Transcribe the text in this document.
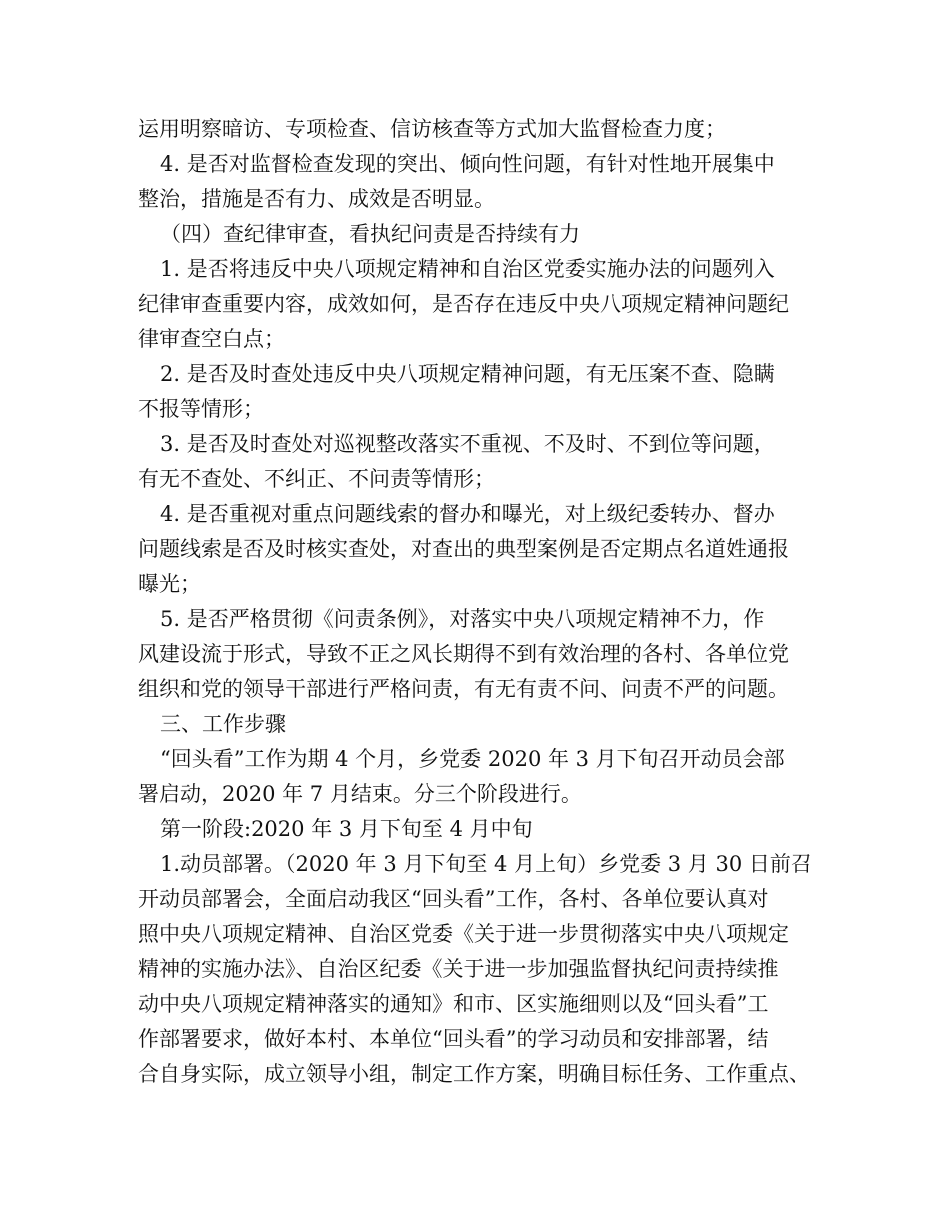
运用明察暗访、专项检查、信访核查等方式加大监督检查力度；

4. 是否对监督检查发现的突出、倾向性问题，有针对性地开展集中

整治，措施是否有力、成效是否明显。

（四）查纪律审查，看执纪问责是否持续有力

1. 是否将违反中央八项规定精神和自治区党委实施办法的问题列入

纪律审查重要内容，成效如何，是否存在违反中央八项规定精神问题纪

律审查空白点；

2. 是否及时查处违反中央八项规定精神问题，有无压案不查、隐瞒

不报等情形；

3. 是否及时查处对巡视整改落实不重视、不及时、不到位等问题，

有无不查处、不纠正、不问责等情形；

4. 是否重视对重点问题线索的督办和曝光，对上级纪委转办、督办

问题线索是否及时核实查处，对查出的典型案例是否定期点名道姓通报

曝光；

5. 是否严格贯彻《问责条例》，对落实中央八项规定精神不力，作

风建设流于形式，导致不正之风长期得不到有效治理的各村、各单位党

组织和党的领导干部进行严格问责，有无有责不问、问责不严的问题。

三、工作步骤

“回头看”工作为期 4 个月，乡党委 2020 年 3 月下旬召开动员会部

署启动，2020 年 7 月结束。分三个阶段进行。

第一阶段:2020 年 3 月下旬至 4 月中旬

1.动员部署。（2020 年 3 月下旬至 4 月上旬）乡党委 3 月 30 日前召

开动员部署会，全面启动我区“回头看”工作，各村、各单位要认真对

照中央八项规定精神、自治区党委《关于进一步贯彻落实中央八项规定

精神的实施办法》、自治区纪委《关于进一步加强监督执纪问责持续推

动中央八项规定精神落实的通知》和市、区实施细则以及“回头看”工

作部署要求，做好本村、本单位“回头看”的学习动员和安排部署，结

合自身实际，成立领导小组，制定工作方案，明确目标任务、工作重点、
